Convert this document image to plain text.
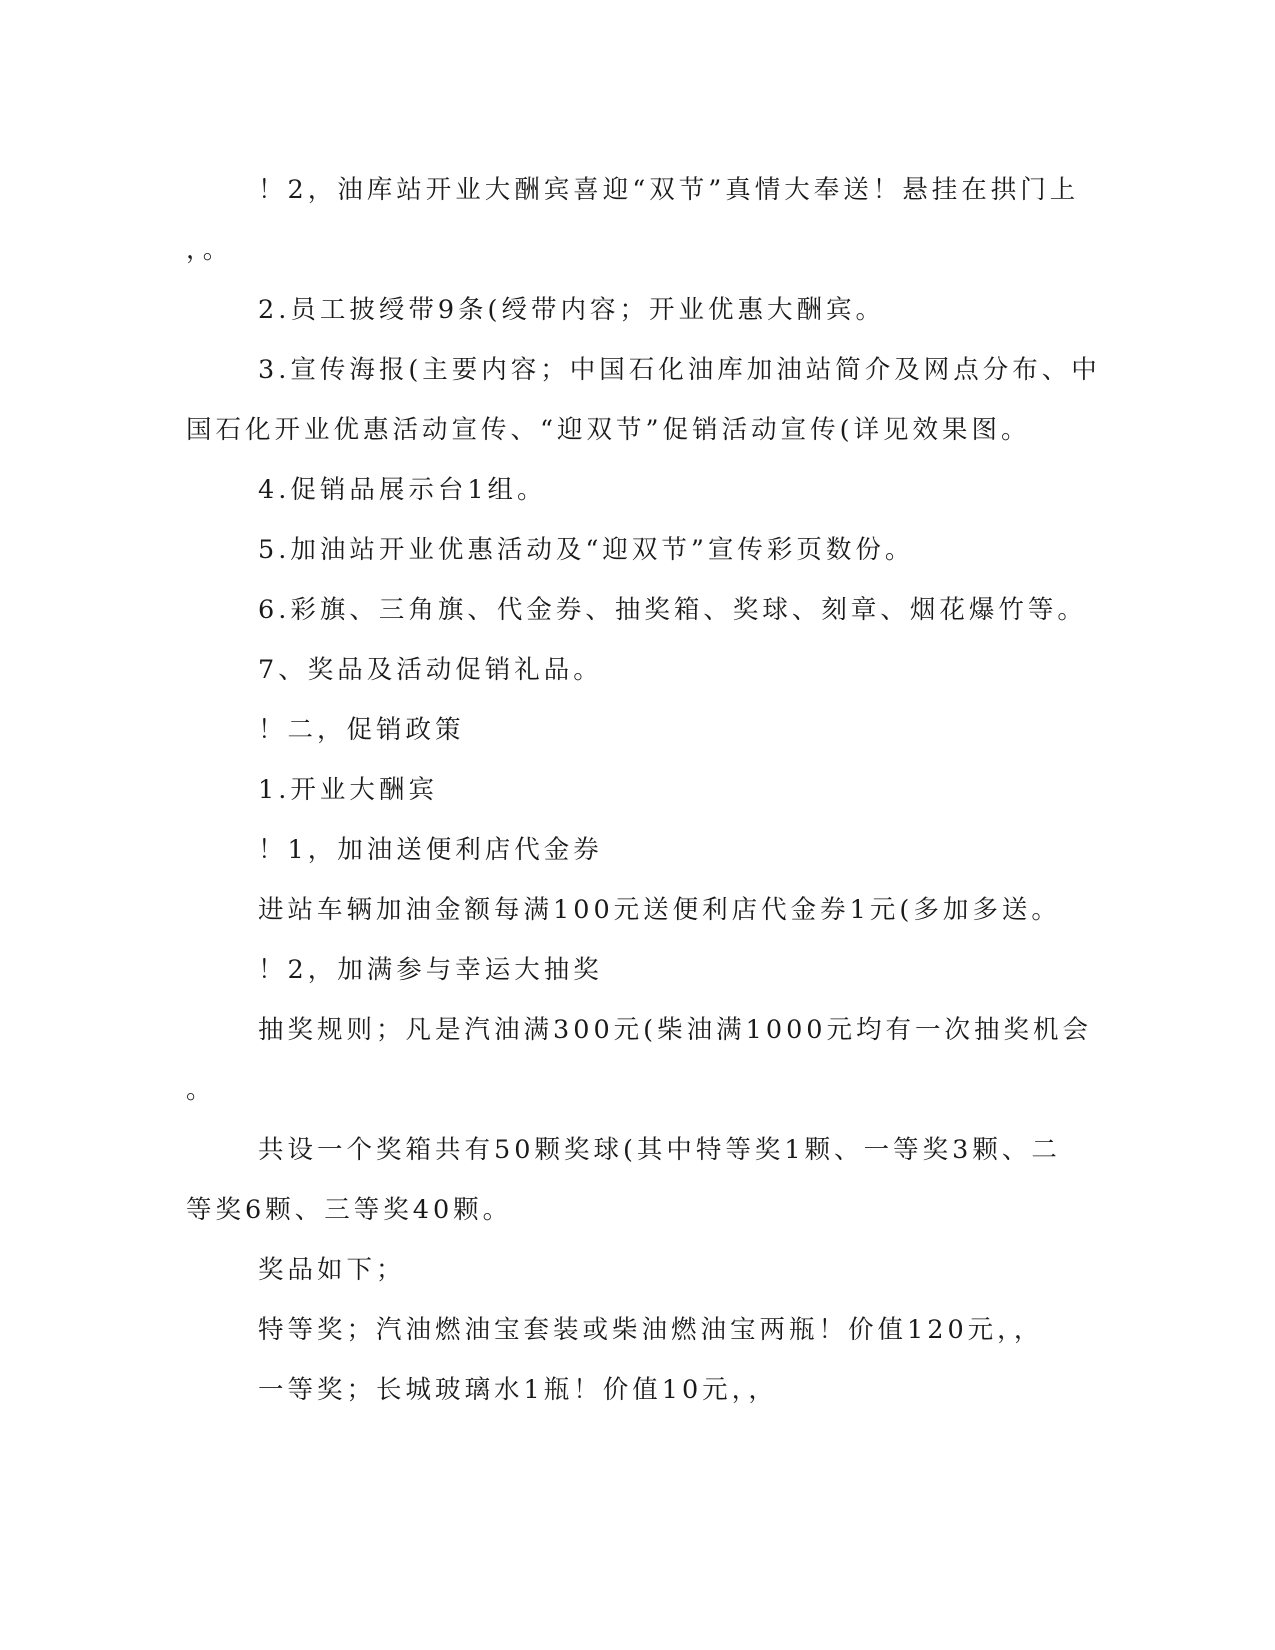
！2，油库站开业大酬宾喜迎“双节”真情大奉送！悬挂在拱门上

，。

2.员工披绶带9条(绶带内容；开业优惠大酬宾。

3.宣传海报(主要内容；中国石化油库加油站简介及网点分布、中

国石化开业优惠活动宣传、“迎双节”促销活动宣传(详见效果图。

4.促销品展示台1组。

5.加油站开业优惠活动及“迎双节”宣传彩页数份。

6.彩旗、三角旗、代金券、抽奖箱、奖球、刻章、烟花爆竹等。

7、奖品及活动促销礼品。

！二，促销政策

1.开业大酬宾

！1，加油送便利店代金券

进站车辆加油金额每满100元送便利店代金券1元(多加多送。

！2，加满参与幸运大抽奖

抽奖规则；凡是汽油满300元(柴油满1000元均有一次抽奖机会

。

共设一个奖箱共有50颗奖球(其中特等奖1颗、一等奖3颗、二

等奖6颗、三等奖40颗。

奖品如下；

特等奖；汽油燃油宝套装或柴油燃油宝两瓶！价值120元，，

一等奖；长城玻璃水1瓶！价值10元，，
